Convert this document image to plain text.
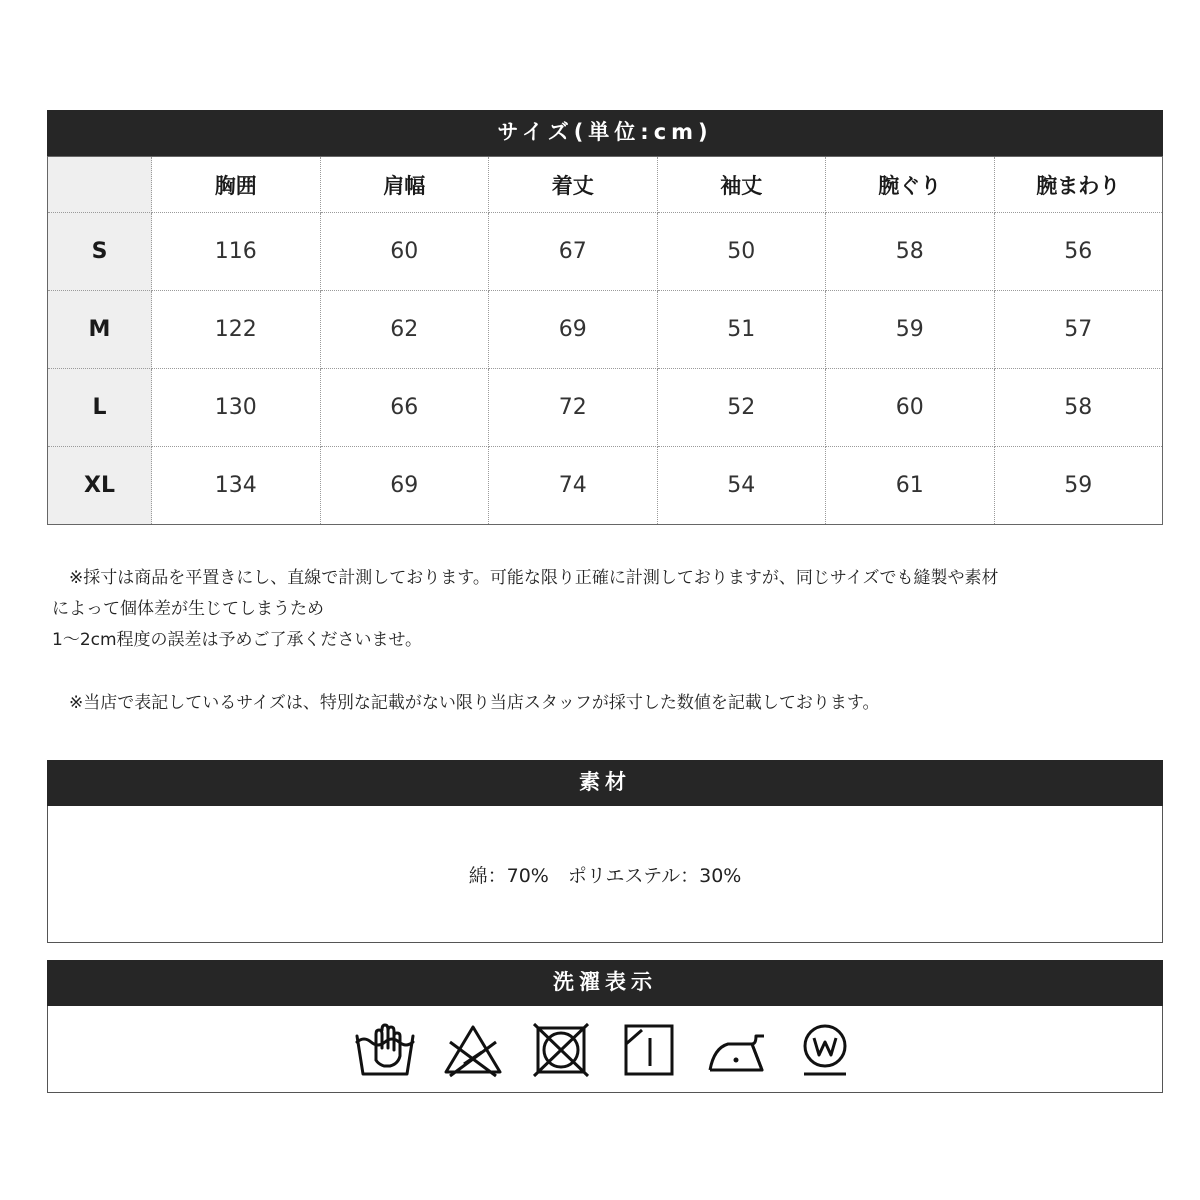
サイズ(単位:cm)
	胸囲	肩幅	着丈	袖丈	腕ぐり	腕まわり
S	116	60	67	50	58	56
M	122	62	69	51	59	57
L	130	66	72	52	60	58
XL	134	69	74	54	61	59

　※採寸は商品を平置きにし、直線で計測しております。可能な限り正確に計測しておりますが、同じサイズでも縫製や素材

によって個体差が生じてしまうため

1～2cm程度の誤差は予めご了承くださいませ。

　※当店で表記しているサイズは、特別な記載がない限り当店スタッフが採寸した数値を記載しております。

素材
綿：70%　ポリエステル：30%
洗濯表示
